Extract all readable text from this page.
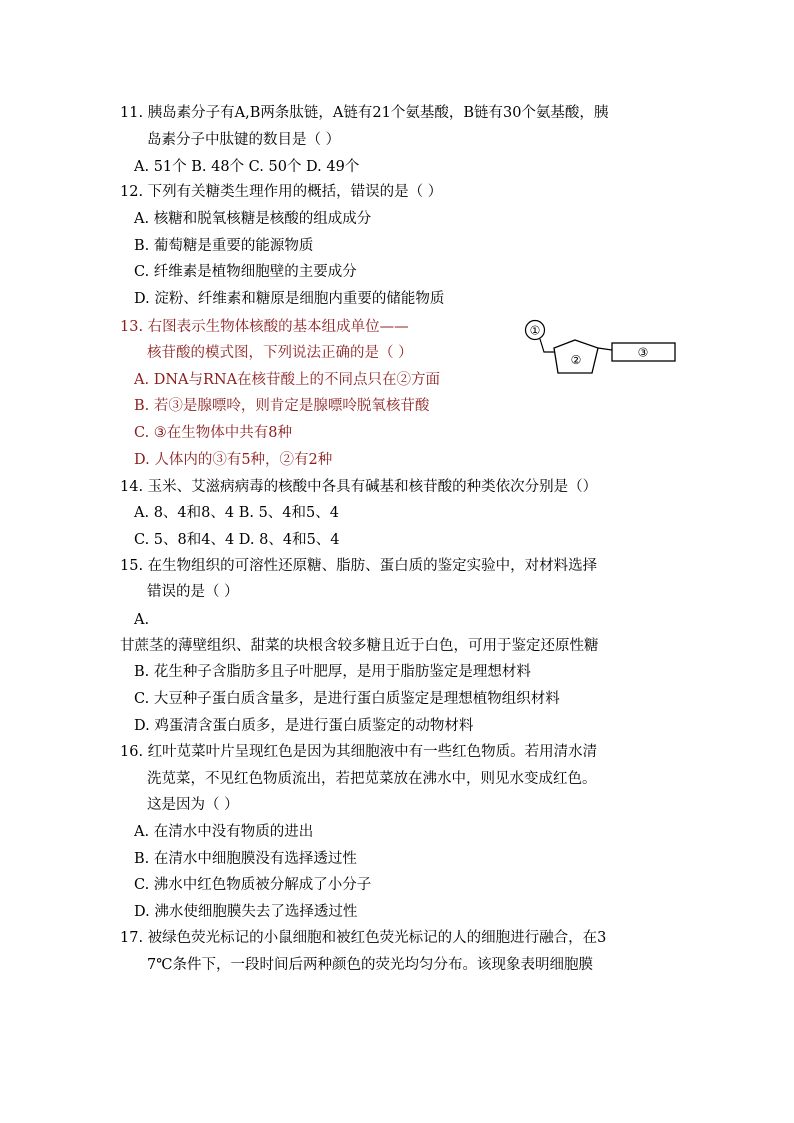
11. 胰岛素分子有A,B两条肽链，A链有21个氨基酸，B链有30个氨基酸，胰
岛素分子中肽键的数目是（ ）
A. 51个 B. 48个 C. 50个 D. 49个
12. 下列有关糖类生理作用的概括，错误的是（ ）
A. 核糖和脱氧核糖是核酸的组成成分
B. 葡萄糖是重要的能源物质
C. 纤维素是植物细胞壁的主要成分
D. 淀粉、纤维素和糖原是细胞内重要的储能物质
13. 右图表示生物体核酸的基本组成单位——
核苷酸的模式图，下列说法正确的是（ ）
A. DNA与RNA在核苷酸上的不同点只在②方面
B. 若③是腺嘌呤，则肯定是腺嘌呤脱氧核苷酸
C. ③在生物体中共有8种
D. 人体内的③有5种，②有2种
①
②
③
14. 玉米、艾滋病病毒的核酸中各具有碱基和核苷酸的种类依次分别是（）
A. 8、4和8、4 B. 5、4和5、4
C. 5、8和4、4 D. 8、4和5、4
15. 在生物组织的可溶性还原糖、脂肪、蛋白质的鉴定实验中，对材料选择
错误的是（ ）
A.
甘蔗茎的薄壁组织、甜菜的块根含较多糖且近于白色，可用于鉴定还原性糖
B. 花生种子含脂肪多且子叶肥厚，是用于脂肪鉴定是理想材料
C. 大豆种子蛋白质含量多，是进行蛋白质鉴定是理想植物组织材料
D. 鸡蛋清含蛋白质多，是进行蛋白质鉴定的动物材料
16. 红叶苋菜叶片呈现红色是因为其细胞液中有一些红色物质。若用清水清
洗苋菜，不见红色物质流出，若把苋菜放在沸水中，则见水变成红色。
这是因为（ ）
A. 在清水中没有物质的进出
B. 在清水中细胞膜没有选择透过性
C. 沸水中红色物质被分解成了小分子
D. 沸水使细胞膜失去了选择透过性
17. 被绿色荧光标记的小鼠细胞和被红色荧光标记的人的细胞进行融合，在3
7℃条件下，一段时间后两种颜色的荧光均匀分布。该现象表明细胞膜
